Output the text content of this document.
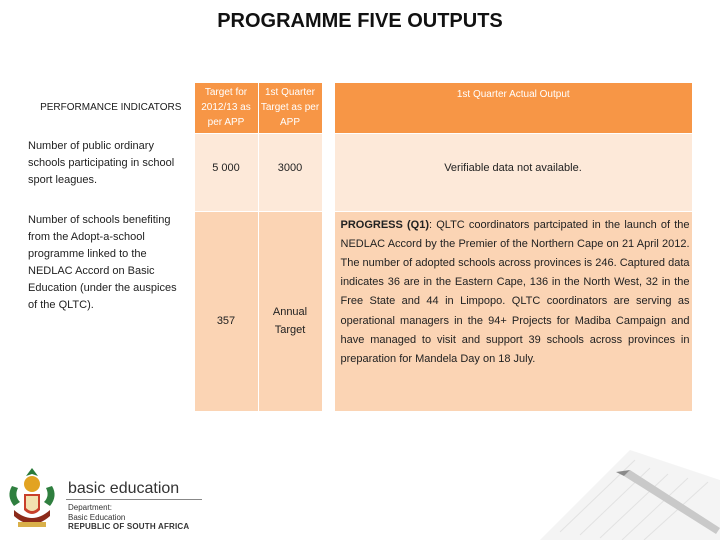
PROGRAMME FIVE OUTPUTS
PERFORMANCE INDICATORS	Target for 2012/13 as per APP	1st Quarter Target as per APP		1st Quarter Actual Output
Number of public ordinary schools participating in school sport leagues.	5 000	3000		Verifiable data not available.
Number of schools benefiting from the Adopt-a-school programme linked to the NEDLAC Accord on Basic Education (under the auspices of the QLTC).	357	Annual Target		PROGRESS (Q1): QLTC coordinators partcipated in the launch of the NEDLAC Accord by the Premier of the Northern Cape on 21 April 2012. The number of adopted schools across provinces is 246. Captured data indicates 36 are in the Eastern Cape, 136 in the North West, 32 in the Free State and 44 in Limpopo. QLTC coordinators are serving as operational managers in the 94+ Projects for Madiba Campaign and have managed to visit and support 39 schools across provinces in preparation for Mandela Day on 18 July.
basic education
Department:
Basic Education
REPUBLIC OF SOUTH AFRICA
